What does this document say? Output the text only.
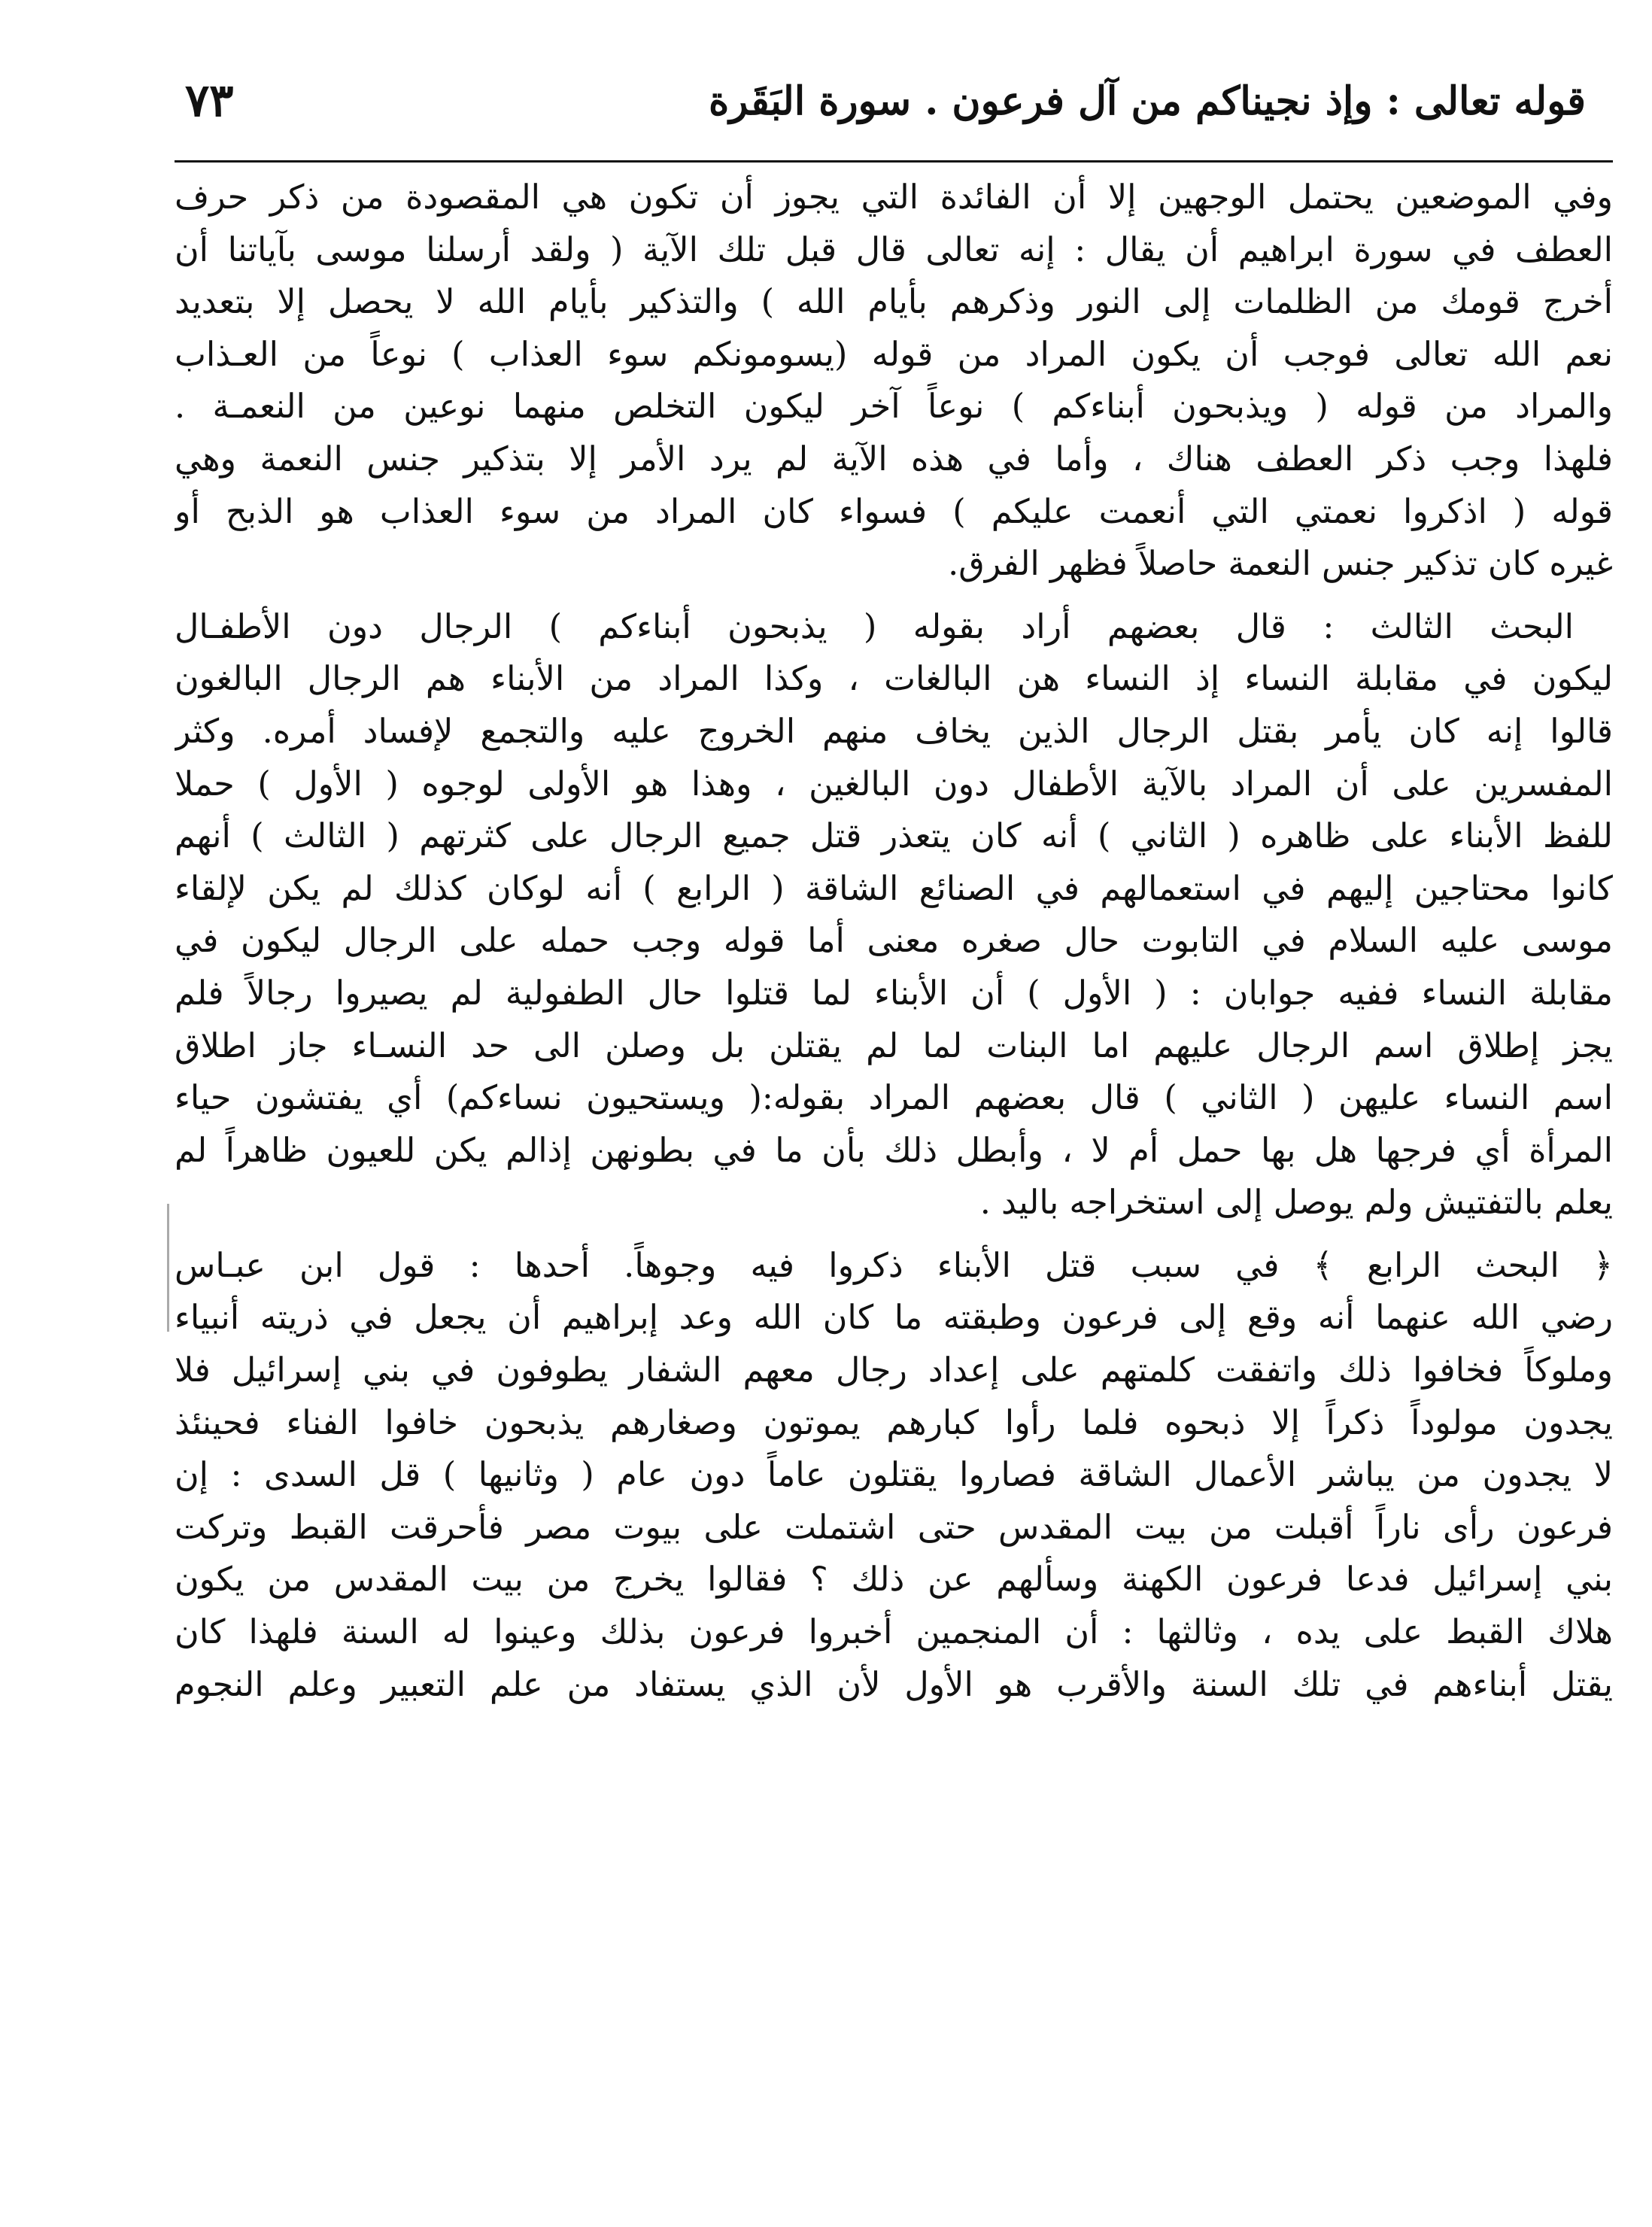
٧٣	قوله تعالى : وإذ نجيناكم من آل فرعون . سورة البَقَرة
وفي الموضعين يحتمل الوجهين إلا أن الفائدة التي يجوز أن تكون هي المقصودة من ذكر حرف
العطف في سورة ابراهيم أن يقال : إنه تعالى قال قبل تلك الآية ( ولقد أرسلنا موسى بآياتنا أن
أخرج قومك من الظلمات إلى النور وذكرهم بأيام الله ) والتذكير بأيام الله لا يحصل إلا بتعديد
نعم الله تعالى فوجب أن يكون المراد من قوله (يسومونكم سوء العذاب ) نوعاً من العـذاب
والمراد من قوله ( ويذبحون أبناءكم ) نوعاً آخر ليكون التخلص منهما نوعين من النعمـة .
فلهذا وجب ذكر العطف هناك ، وأما في هذه الآية لم يرد الأمر إلا بتذكير جنس النعمة وهي
قوله ( اذكروا نعمتي التي أنعمت عليكم ) فسواء كان المراد من سوء العذاب هو الذبح أو
غيره كان تذكير جنس النعمة حاصلاً فظهر الفرق.
البحث الثالث : قال بعضهم أراد بقوله ( يذبحون أبناءكم ) الرجال دون الأطفـال
ليكون في مقابلة النساء إذ النساء هن البالغات ، وكذا المراد من الأبناء هم الرجال البالغون
قالوا إنه كان يأمر بقتل الرجال الذين يخاف منهم الخروج عليه والتجمع لإفساد أمره. وكثر
المفسرين على أن المراد بالآية الأطفال دون البالغين ، وهذا هو الأولى لوجوه ( الأول ) حملا
للفظ الأبناء على ظاهره ( الثاني ) أنه كان يتعذر قتل جميع الرجال على كثرتهم ( الثالث ) أنهم
كانوا محتاجين إليهم في استعمالهم في الصنائع الشاقة ( الرابع ) أنه لوكان كذلك لم يكن لإلقاء
موسى عليه السلام في التابوت حال صغره معنى أما قوله وجب حمله على الرجال ليكون في
مقابلة النساء ففيه جوابان : ( الأول ) أن الأبناء لما قتلوا حال الطفولية لم يصيروا رجالاً فلم
يجز إطلاق اسم الرجال عليهم اما البنات لما لم يقتلن بل وصلن الى حد النسـاء جاز اطلاق
اسم النساء عليهن ( الثاني ) قال بعضهم المراد بقوله:( ويستحيون نساءكم) أي يفتشون حياء
المرأة أي فرجها هل بها حمل أم لا ، وأبطل ذلك بأن ما في بطونهن إذالم يكن للعيون ظاهراً لم
يعلم بالتفتيش ولم يوصل إلى استخراجه باليد .
﴿ البحث الرابع ﴾ في سبب قتل الأبناء ذكروا فيه وجوهاً. أحدها : قول ابن عبـاس
رضي الله عنهما أنه وقع إلى فرعون وطبقته ما كان الله وعد إبراهيم أن يجعل في ذريته أنبياء
وملوكاً فخافوا ذلك واتفقت كلمتهم على إعداد رجال معهم الشفار يطوفون في بني إسرائيل فلا
يجدون مولوداً ذكراً إلا ذبحوه فلما رأوا كبارهم يموتون وصغارهم يذبحون خافوا الفناء فحينئذ
لا يجدون من يباشر الأعمال الشاقة فصاروا يقتلون عاماً دون عام ( وثانيها ) قل السدى : إن
فرعون رأى ناراً أقبلت من بيت المقدس حتى اشتملت على بيوت مصر فأحرقت القبط وتركت
بني إسرائيل فدعا فرعون الكهنة وسألهم عن ذلك ؟ فقالوا يخرج من بيت المقدس من يكون
هلاك القبط على يده ، وثالثها : أن المنجمين أخبروا فرعون بذلك وعينوا له السنة فلهذا كان
يقتل أبناءهم في تلك السنة والأقرب هو الأول لأن الذي يستفاد من علم التعبير وعلم النجوم
